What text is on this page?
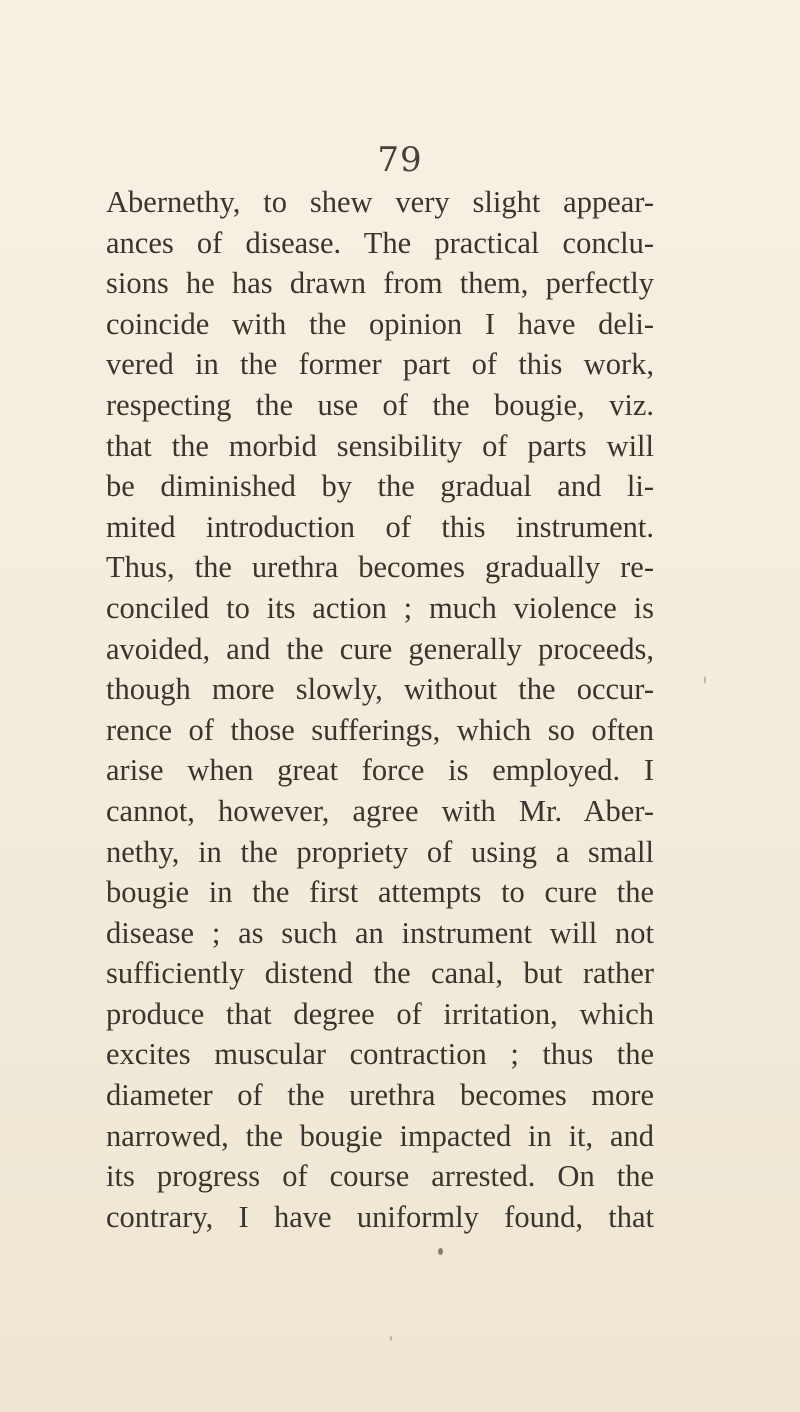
79
Abernethy, to shew very slight appear-
ances of disease. The practical conclu-
sions he has drawn from them, perfectly
coincide with the opinion I have deli-
vered in the former part of this work,
respecting the use of the bougie, viz.
that the morbid sensibility of parts will
be diminished by the gradual and li-
mited introduction of this instrument.
Thus, the urethra becomes gradually re-
conciled to its action ; much violence is
avoided, and the cure generally proceeds,
though more slowly, without the occur-
rence of those sufferings, which so often
arise when great force is employed. I
cannot, however, agree with Mr. Aber-
nethy, in the propriety of using a small
bougie in the first attempts to cure the
disease ; as such an instrument will not
sufficiently distend the canal, but rather
produce that degree of irritation, which
excites muscular contraction ; thus the
diameter of the urethra becomes more
narrowed, the bougie impacted in it, and
its progress of course arrested. On the
contrary, I have uniformly found, that
